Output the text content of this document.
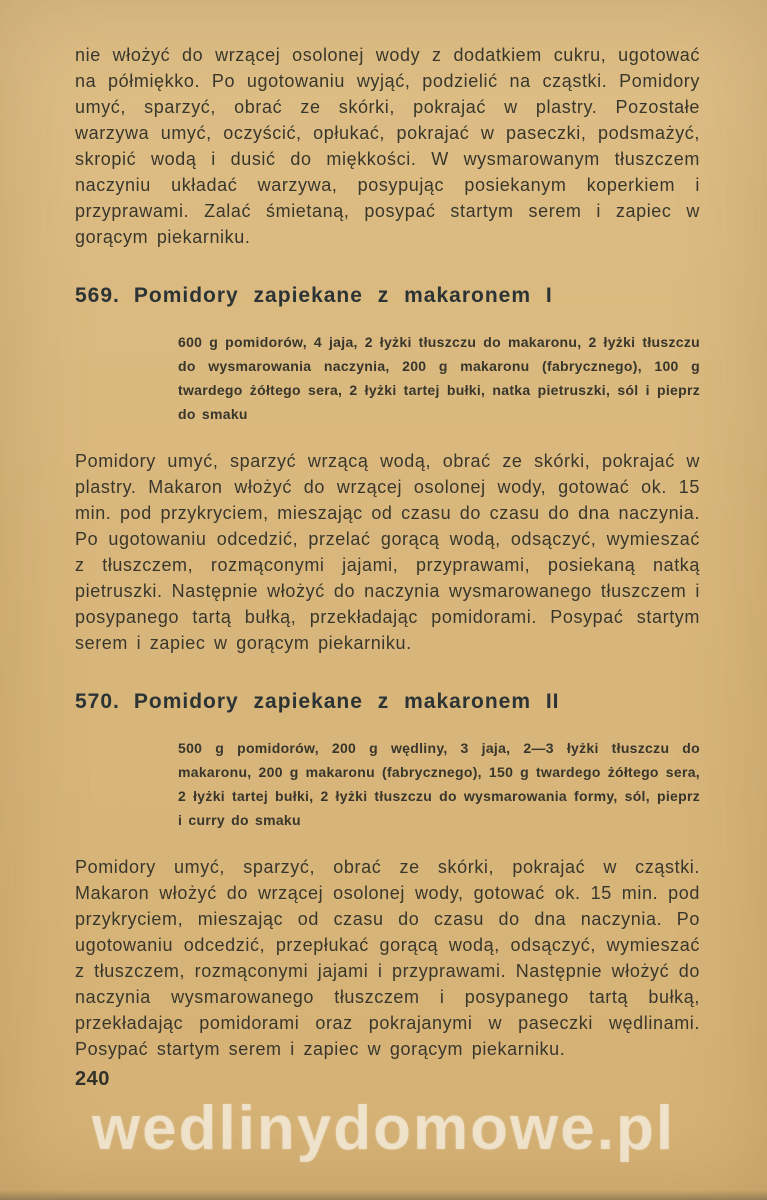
nie włożyć do wrzącej osolonej wody z dodatkiem cukru, ugotować na półmiękko. Po ugotowaniu wyjąć, podzielić na cząstki. Pomidory umyć, sparzyć, obrać ze skórki, pokrajać w plastry. Pozostałe warzywa umyć, oczyścić, opłukać, pokrajać w paseczki, podsmażyć, skropić wodą i dusić do miękkości. W wysmarowanym tłuszczem naczyniu układać warzywa, posypując posiekanym koperkiem i przyprawami. Zalać śmietaną, posypać startym serem i zapiec w gorącym piekarniku.

569. Pomidory zapiekane z makaronem I

600 g pomidorów, 4 jaja, 2 łyżki tłuszczu do makaronu, 2 łyżki tłuszczu do wysmarowania naczynia, 200 g makaronu (fabrycznego), 100 g twardego żółtego sera, 2 łyżki tartej bułki, natka pietruszki, sól i pieprz do smaku

Pomidory umyć, sparzyć wrzącą wodą, obrać ze skórki, pokrajać w plastry. Makaron włożyć do wrzącej osolonej wody, gotować ok. 15 min. pod przykryciem, mieszając od czasu do czasu do dna naczynia. Po ugotowaniu odcedzić, przelać gorącą wodą, odsączyć, wymieszać z tłuszczem, rozmąconymi jajami, przyprawami, posiekaną natką pietruszki. Następnie włożyć do naczynia wysmarowanego tłuszczem i posypanego tartą bułką, przekładając pomidorami. Posypać startym serem i zapiec w gorącym piekarniku.

570. Pomidory zapiekane z makaronem II

500 g pomidorów, 200 g wędliny, 3 jaja, 2—3 łyżki tłuszczu do makaronu, 200 g makaronu (fabrycznego), 150 g twardego żółtego sera, 2 łyżki tartej bułki, 2 łyżki tłuszczu do wysmarowania formy, sól, pieprz i curry do smaku

Pomidory umyć, sparzyć, obrać ze skórki, pokrajać w cząstki. Makaron włożyć do wrzącej osolonej wody, gotować ok. 15 min. pod przykryciem, mieszając od czasu do czasu do dna naczynia. Po ugotowaniu odcedzić, przepłukać gorącą wodą, odsączyć, wymieszać z tłuszczem, rozmąconymi jajami i przyprawami. Następnie włożyć do naczynia wysmarowanego tłuszczem i posypanego tartą bułką, przekładając pomidorami oraz pokrajanymi w paseczki wędlinami. Posypać startym serem i zapiec w gorącym piekarniku.

240
wedlinydomowe.pl
